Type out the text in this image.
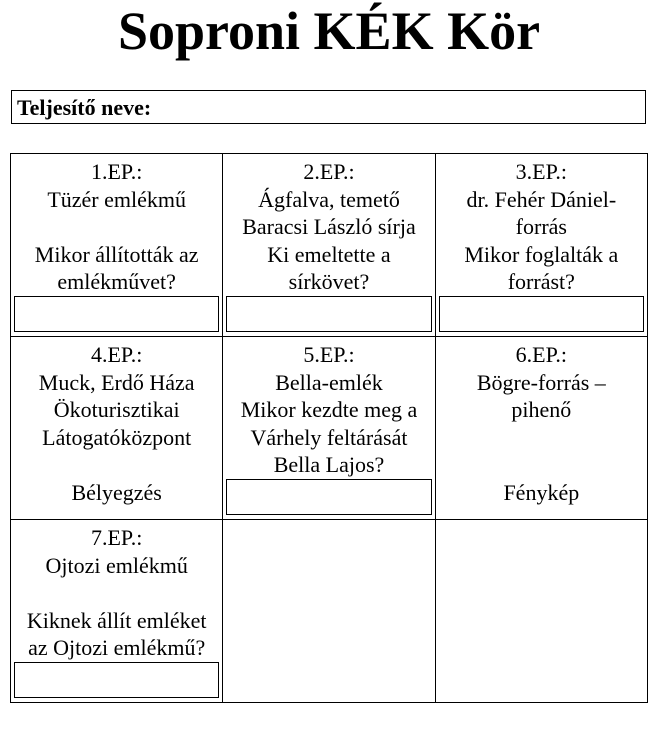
Soproni KÉK Kör
Teljesítő neve:
1.EP.:
Tüzér emlékmű
Mikor állították az
emlékművet?	2.EP.:
Ágfalva, temető
Baracsi László sírja
Ki emeltette a
sírkövet?	3.EP.:
dr. Fehér Dániel-
forrás
Mikor foglalták a
forrást?

4.EP.:
Muck, Erdő Háza
Ökoturisztikai
Látogatóközpont
Bélyegzés	5.EP.:
Bella-emlék
Mikor kezdte meg a
Várhely feltárását
Bella Lajos?	6.EP.:
Bögre-forrás –
pihenő
Fénykép

7.EP.:
Ojtozi emlékmű
Kiknek állít emléket
az Ojtozi emlékmű?		
